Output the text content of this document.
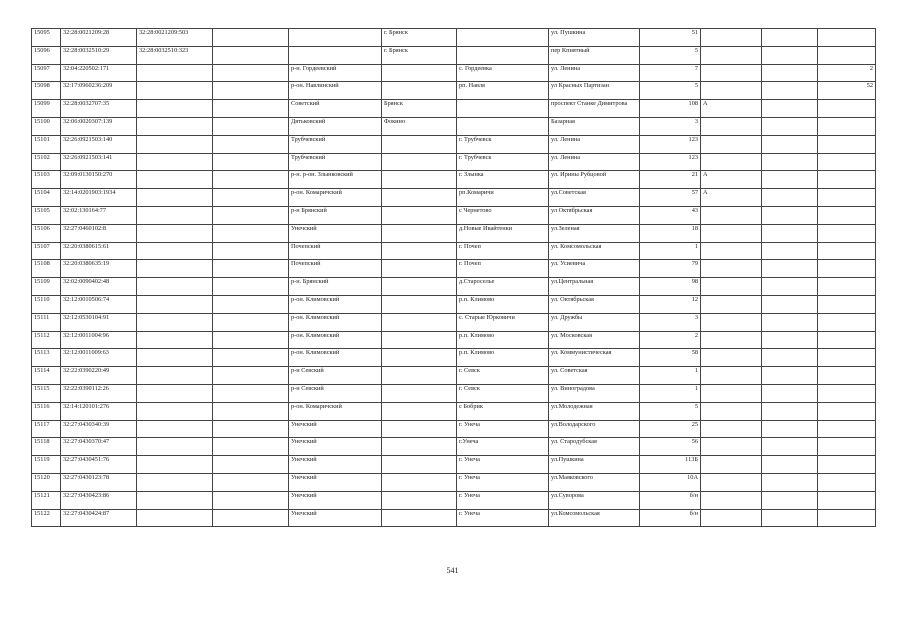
15095	32:28:0021209:28	32:28:0021209:503			г. Брянск		ул. Пушкина	51			
15096	32:28:0032510:29	32:28:0032510:323			г. Брянск		пер Кпнятный	5			
15097	32:04:220502:171			р-н. Гордеевский		с. Гордеевка	ул. Ленина	7			2
15098	32:17:0960236:209			р-он. Навлинский		рп. Навля	ул Красных Партизан	5			52
15099	32:28:0032707:35			Советский	Брянск		проспект Станке Димитрова	108	А		
15100	32:06:0020307:139			Дятьковский	Фокино		Базарная	3			
15101	32:26:0921503:140			Трубчевский		г. Трубчевск	ул. Ленина	123			
15102	32:26:0921503:141			Трубчевский		г. Трубчевск	ул. Ленина	123			
15103	32:09:0130150:270			р-н. р-он. Злынковский		г. Злынка	ул. Ирины Рубцовой	21	А		
15104	32:14:0201903:1934			р-он. Комаричский		рп.Комаричи	ул.Советская	57	А		
15105	32:02:130164:77			р-н Брянский		с Чернетово	ул Октябрьская	43			
15106	32:27:0460102:8			Унечский		д.Новые Ивайтенки	ул.Зеленая	18			
15107	32:20:0380615:61			Почепский		г. Почеп	ул. Комсомольская	1			
15108	32:20:0380635:19			Почепский		г. Почеп	ул. Усиевича	79			
15109	32:02:0090402:48			р-н. Брянский		д.Староселье	ул.Центральная	98			
15110	32:12:0010506:74			р-он. Климовский		р.п. Климово	ул. Октябрьская	12			
15111	32:12:0530104:91			р-он. Климовский		с. Старые Юрковичи	ул. Дружбы	3			
15112	32:12:0011004:96			р-он. Климовский		р.п. Климово	ул. Московская	2			
15113	32:12:0011009:63			р-он. Климовский		р.п. Климово	ул. Коммунистическая	58			
15114	32:22:0390220:49			р-н Севский		г. Севск	ул. Советская	1			
15115	32:22:0390112:26			р-н Севский		г. Севск	ул. Виноградова	1			
15116	32:14:120101:276			р-он. Комаричский		с Бобрик	ул.Молодежная	5			
15117	32:27:0430340:39			Унечский		г. Унеча	ул.Володарского	25			
15118	32:27:0430370:47			Унечский		г.Унеча	ул. Стародубская	56			
15119	32:27:0430451:76			Унечский		г. Унеча	ул.Пушкина	113Б			
15120	32:27:0430123:78			Унечский		г. Унеча	ул.Маяковского	10А			
15121	32:27:0430423:86			Унечский		г. Унеча	ул.Суворова	б/н			
15122	32:27:0430424:87			Унечский		г. Унеча	ул.Комсомольская	б/н			
541
